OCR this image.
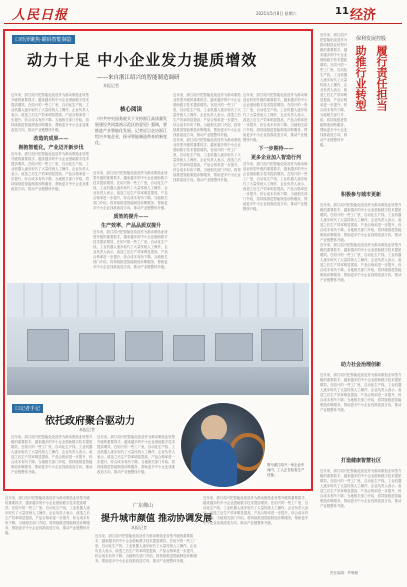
人民日报	2021年5月8日 星期六	11 经济
口经济聚焦·瞄码智能制造
动力十足 中小企业发力提质增效
——来自浙江绍兴的智能制造调研
本报记者
近年来，浙江绍兴把智能化改造作为推动制造业转型升级的重要抓手，越来越多的中小企业借助数字技术提质增效。在绍兴的一些工厂里，自动化生产线、工业机器人逐步取代了大量传统人工操作，企业负责人表示，改造之后生产效率明显提高，产品合格率进一步提升，综合成本有所下降。当地相关部门介绍，将持续推进智能制造诊断服务，帮助更多中小企业找准改造方向，推动产业链整体升级。
改造的成果——
拥抱智能化，产业迈开新步伐
近年来，浙江绍兴把智能化改造作为推动制造业转型升级的重要抓手，越来越多的中小企业借助数字技术提质增效。在绍兴的一些工厂里，自动化生产线、工业机器人逐步取代了大量传统人工操作，企业负责人表示，改造之后生产效率明显提高，产品合格率进一步提升，综合成本有所下降。当地相关部门介绍，将持续推进智能制造诊断服务，帮助更多中小企业找准改造方向，推动产业链整体升级。
核心阅读
《中共中央国务院关于支持浙江高质量发展建设共同富裕示范区的意见》强调，要推进产业智能化发展。记者近日走访浙江绍兴多家企业，探寻智能制造带来的新变化。
近年来，浙江绍兴把智能化改造作为推动制造业转型升级的重要抓手，越来越多的中小企业借助数字技术提质增效。在绍兴的一些工厂里，自动化生产线、工业机器人逐步取代了大量传统人工操作，企业负责人表示，改造之后生产效率明显提高，产品合格率进一步提升，综合成本有所下降。当地相关部门介绍，将持续推进智能制造诊断服务，帮助更多中小企业找准改造方向，推动产业链整体升级。
质效的提升——
生产效率、产品品质双提升
近年来，浙江绍兴把智能化改造作为推动制造业转型升级的重要抓手，越来越多的中小企业借助数字技术提质增效。在绍兴的一些工厂里，自动化生产线、工业机器人逐步取代了大量传统人工操作，企业负责人表示，改造之后生产效率明显提高，产品合格率进一步提升，综合成本有所下降。当地相关部门介绍，将持续推进智能制造诊断服务，帮助更多中小企业找准改造方向，推动产业链整体升级。
近年来，浙江绍兴把智能化改造作为推动制造业转型升级的重要抓手，越来越多的中小企业借助数字技术提质增效。在绍兴的一些工厂里，自动化生产线、工业机器人逐步取代了大量传统人工操作，企业负责人表示，改造之后生产效率明显提高，产品合格率进一步提升，综合成本有所下降。当地相关部门介绍，将持续推进智能制造诊断服务，帮助更多中小企业找准改造方向，推动产业链整体升级。
近年来，浙江绍兴把智能化改造作为推动制造业转型升级的重要抓手，越来越多的中小企业借助数字技术提质增效。在绍兴的一些工厂里，自动化生产线、工业机器人逐步取代了大量传统人工操作，企业负责人表示，改造之后生产效率明显提高，产品合格率进一步提升，综合成本有所下降。当地相关部门介绍，将持续推进智能制造诊断服务，帮助更多中小企业找准改造方向，推动产业链整体升级。
近年来，浙江绍兴把智能化改造作为推动制造业转型升级的重要抓手，越来越多的中小企业借助数字技术提质增效。在绍兴的一些工厂里，自动化生产线、工业机器人逐步取代了大量传统人工操作，企业负责人表示，改造之后生产效率明显提高，产品合格率进一步提升，综合成本有所下降。当地相关部门介绍，将持续推进智能制造诊断服务，帮助更多中小企业找准改造方向，推动产业链整体升级。
下一步期待——
更多企业加入智造行列
近年来，浙江绍兴把智能化改造作为推动制造业转型升级的重要抓手，越来越多的中小企业借助数字技术提质增效。在绍兴的一些工厂里，自动化生产线、工业机器人逐步取代了大量传统人工操作，企业负责人表示，改造之后生产效率明显提高，产品合格率进一步提升，综合成本有所下降。当地相关部门介绍，将持续推进智能制造诊断服务，帮助更多中小企业找准改造方向，推动产业链整体升级。
口记者手记
依托政府聚合驱动力
本报记者
近年来，浙江绍兴把智能化改造作为推动制造业转型升级的重要抓手，越来越多的中小企业借助数字技术提质增效。在绍兴的一些工厂里，自动化生产线、工业机器人逐步取代了大量传统人工操作，企业负责人表示，改造之后生产效率明显提高，产品合格率进一步提升，综合成本有所下降。当地相关部门介绍，将持续推进智能制造诊断服务，帮助更多中小企业找准改造方向，推动产业链整体升级。
近年来，浙江绍兴把智能化改造作为推动制造业转型升级的重要抓手，越来越多的中小企业借助数字技术提质增效。在绍兴的一些工厂里，自动化生产线、工业机器人逐步取代了大量传统人工操作，企业负责人表示，改造之后生产效率明显提高，产品合格率进一步提升，综合成本有所下降。当地相关部门介绍，将持续推进智能制造诊断服务，帮助更多中小企业找准改造方向，推动产业链整体升级。
图为浙江绍兴一家企业车间内，工人正在检查生产设备。
保利发展控股
履行责任担当
助推行业转型
近年来，浙江绍兴把智能化改造作为推动制造业转型升级的重要抓手，越来越多的中小企业借助数字技术提质增效。在绍兴的一些工厂里，自动化生产线、工业机器人逐步取代了大量传统人工操作，企业负责人表示，改造之后生产效率明显提高，产品合格率进一步提升，综合成本有所下降。当地相关部门介绍，将持续推进智能制造诊断服务，帮助更多中小企业找准改造方向，推动产业链整体升级。
积极参与城市更新
近年来，浙江绍兴把智能化改造作为推动制造业转型升级的重要抓手，越来越多的中小企业借助数字技术提质增效。在绍兴的一些工厂里，自动化生产线、工业机器人逐步取代了大量传统人工操作，企业负责人表示，改造之后生产效率明显提高，产品合格率进一步提升，综合成本有所下降。当地相关部门介绍，将持续推进智能制造诊断服务，帮助更多中小企业找准改造方向，推动产业链整体升级。
近年来，浙江绍兴把智能化改造作为推动制造业转型升级的重要抓手，越来越多的中小企业借助数字技术提质增效。在绍兴的一些工厂里，自动化生产线、工业机器人逐步取代了大量传统人工操作，企业负责人表示，改造之后生产效率明显提高，产品合格率进一步提升，综合成本有所下降。当地相关部门介绍，将持续推进智能制造诊断服务，帮助更多中小企业找准改造方向，推动产业链整体升级。
助力社会治理创新
近年来，浙江绍兴把智能化改造作为推动制造业转型升级的重要抓手，越来越多的中小企业借助数字技术提质增效。在绍兴的一些工厂里，自动化生产线、工业机器人逐步取代了大量传统人工操作，企业负责人表示，改造之后生产效率明显提高，产品合格率进一步提升，综合成本有所下降。当地相关部门介绍，将持续推进智能制造诊断服务，帮助更多中小企业找准改造方向，推动产业链整体升级。
打造健康智慧社区
近年来，浙江绍兴把智能化改造作为推动制造业转型升级的重要抓手，越来越多的中小企业借助数字技术提质增效。在绍兴的一些工厂里，自动化生产线、工业机器人逐步取代了大量传统人工操作，企业负责人表示，改造之后生产效率明显提高，产品合格率进一步提升，综合成本有所下降。当地相关部门介绍，将持续推进智能制造诊断服务，帮助更多中小企业找准改造方向，推动产业链整体升级。
近年来，浙江绍兴把智能化改造作为推动制造业转型升级的重要抓手，越来越多的中小企业借助数字技术提质增效。在绍兴的一些工厂里，自动化生产线、工业机器人逐步取代了大量传统人工操作，企业负责人表示，改造之后生产效率明显提高，产品合格率进一步提升，综合成本有所下降。当地相关部门介绍，将持续推进智能制造诊断服务，帮助更多中小企业找准改造方向，推动产业链整体升级。
广东佛山
提升城市颜值 推动协调发展
本报记者
近年来，浙江绍兴把智能化改造作为推动制造业转型升级的重要抓手，越来越多的中小企业借助数字技术提质增效。在绍兴的一些工厂里，自动化生产线、工业机器人逐步取代了大量传统人工操作，企业负责人表示，改造之后生产效率明显提高，产品合格率进一步提升，综合成本有所下降。当地相关部门介绍，将持续推进智能制造诊断服务，帮助更多中小企业找准改造方向，推动产业链整体升级。
近年来，浙江绍兴把智能化改造作为推动制造业转型升级的重要抓手，越来越多的中小企业借助数字技术提质增效。在绍兴的一些工厂里，自动化生产线、工业机器人逐步取代了大量传统人工操作，企业负责人表示，改造之后生产效率明显提高，产品合格率进一步提升，综合成本有所下降。当地相关部门介绍，将持续推进智能制造诊断服务，帮助更多中小企业找准改造方向，推动产业链整体升级。
责任编辑：罗珊珊
